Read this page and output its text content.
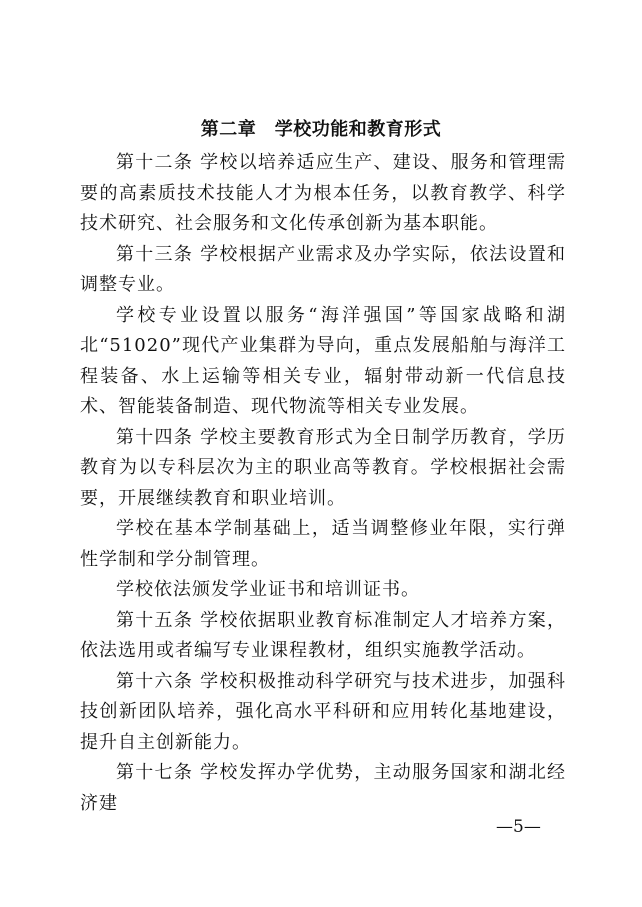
第二章　学校功能和教育形式

第十二条 学校以培养适应生产、建设、服务和管理需要的高素质技术技能人才为根本任务，以教育教学、科学技术研究、社会服务和文化传承创新为基本职能。

第十三条 学校根据产业需求及办学实际，依法设置和调整专业。

学校专业设置以服务“海洋强国”等国家战略和湖北“51020”现代产业集群为导向，重点发展船舶与海洋工程装备、水上运输等相关专业，辐射带动新一代信息技术、智能装备制造、现代物流等相关专业发展。

第十四条 学校主要教育形式为全日制学历教育，学历教育为以专科层次为主的职业高等教育。学校根据社会需要，开展继续教育和职业培训。

学校在基本学制基础上，适当调整修业年限，实行弹性学制和学分制管理。

学校依法颁发学业证书和培训证书。

第十五条 学校依据职业教育标准制定人才培养方案，依法选用或者编写专业课程教材，组织实施教学活动。

第十六条 学校积极推动科学研究与技术进步，加强科技创新团队培养，强化高水平科研和应用转化基地建设，提升自主创新能力。

第十七条 学校发挥办学优势，主动服务国家和湖北经济建

—5—
